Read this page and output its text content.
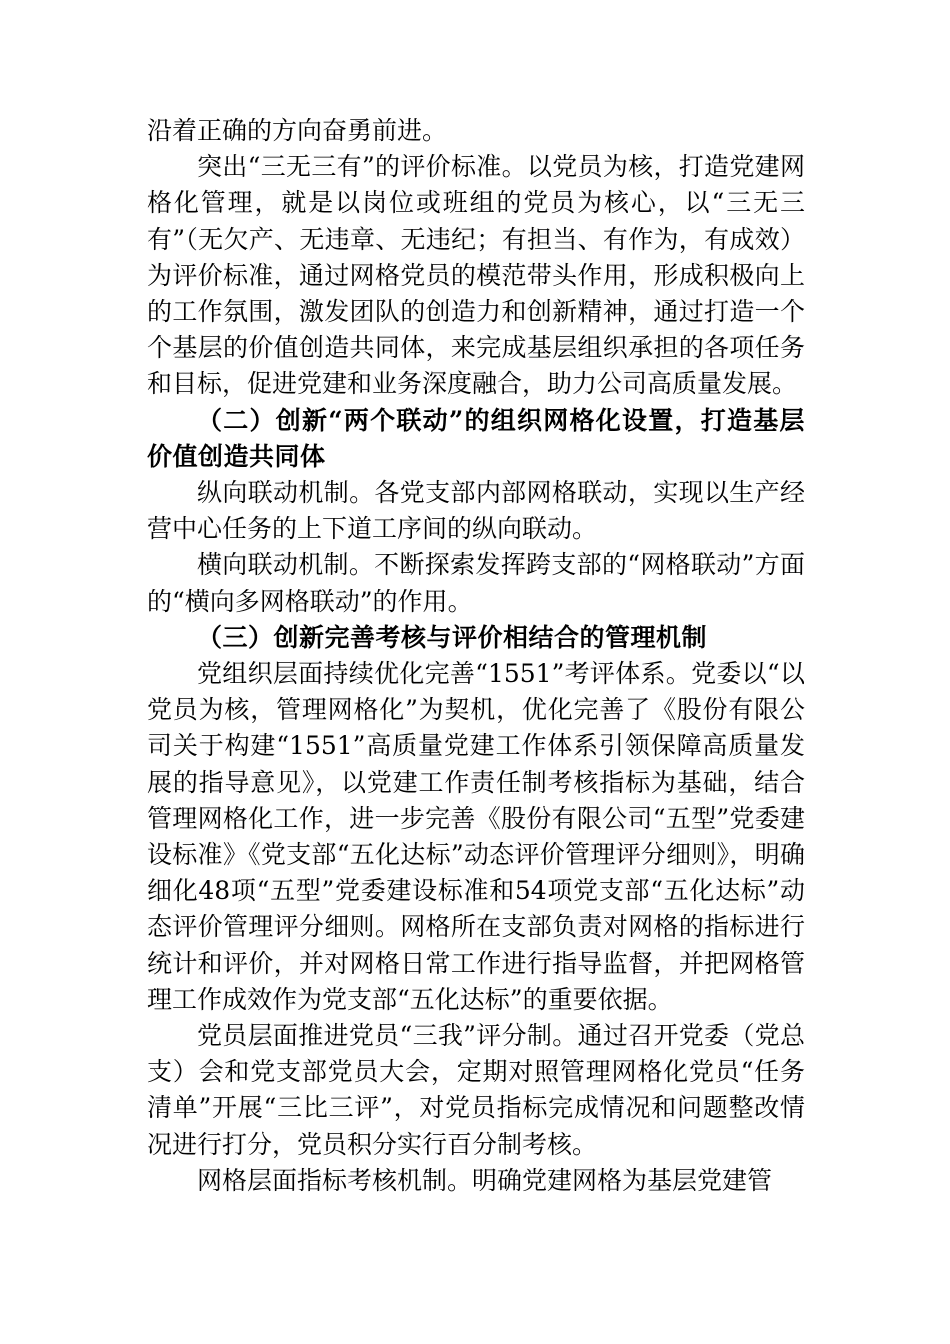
沿着正确的方向奋勇前进。

突出“三无三有”的评价标准。以党员为核，打造党建网格化管理，就是以岗位或班组的党员为核心，以“三无三有”（无欠产、无违章、无违纪；有担当、有作为，有成效）为评价标准，通过网格党员的模范带头作用，形成积极向上的工作氛围，激发团队的创造力和创新精神，通过打造一个个基层的价值创造共同体，来完成基层组织承担的各项任务和目标，促进党建和业务深度融合，助力公司高质量发展。

（二）创新“两个联动”的组织网格化设置，打造基层价值创造共同体

纵向联动机制。各党支部内部网格联动，实现以生产经营中心任务的上下道工序间的纵向联动。

横向联动机制。不断探索发挥跨支部的“网格联动”方面的“横向多网格联动”的作用。

（三）创新完善考核与评价相结合的管理机制

党组织层面持续优化完善“1551”考评体系。党委以“以党员为核，管理网格化”为契机，优化完善了《股份有限公司关于构建“1551”高质量党建工作体系引领保障高质量发展的指导意见》，以党建工作责任制考核指标为基础，结合管理网格化工作，进一步完善《股份有限公司“五型”党委建设标准》《党支部“五化达标”动态评价管理评分细则》，明确细化48项“五型”党委建设标准和54项党支部“五化达标”动态评价管理评分细则。网格所在支部负责对网格的指标进行统计和评价，并对网格日常工作进行指导监督，并把网格管理工作成效作为党支部“五化达标”的重要依据。

党员层面推进党员“三我”评分制。通过召开党委（党总支）会和党支部党员大会，定期对照管理网格化党员“任务清单”开展“三比三评”，对党员指标完成情况和问题整改情况进行打分，党员积分实行百分制考核。

网格层面指标考核机制。明确党建网格为基层党建管
